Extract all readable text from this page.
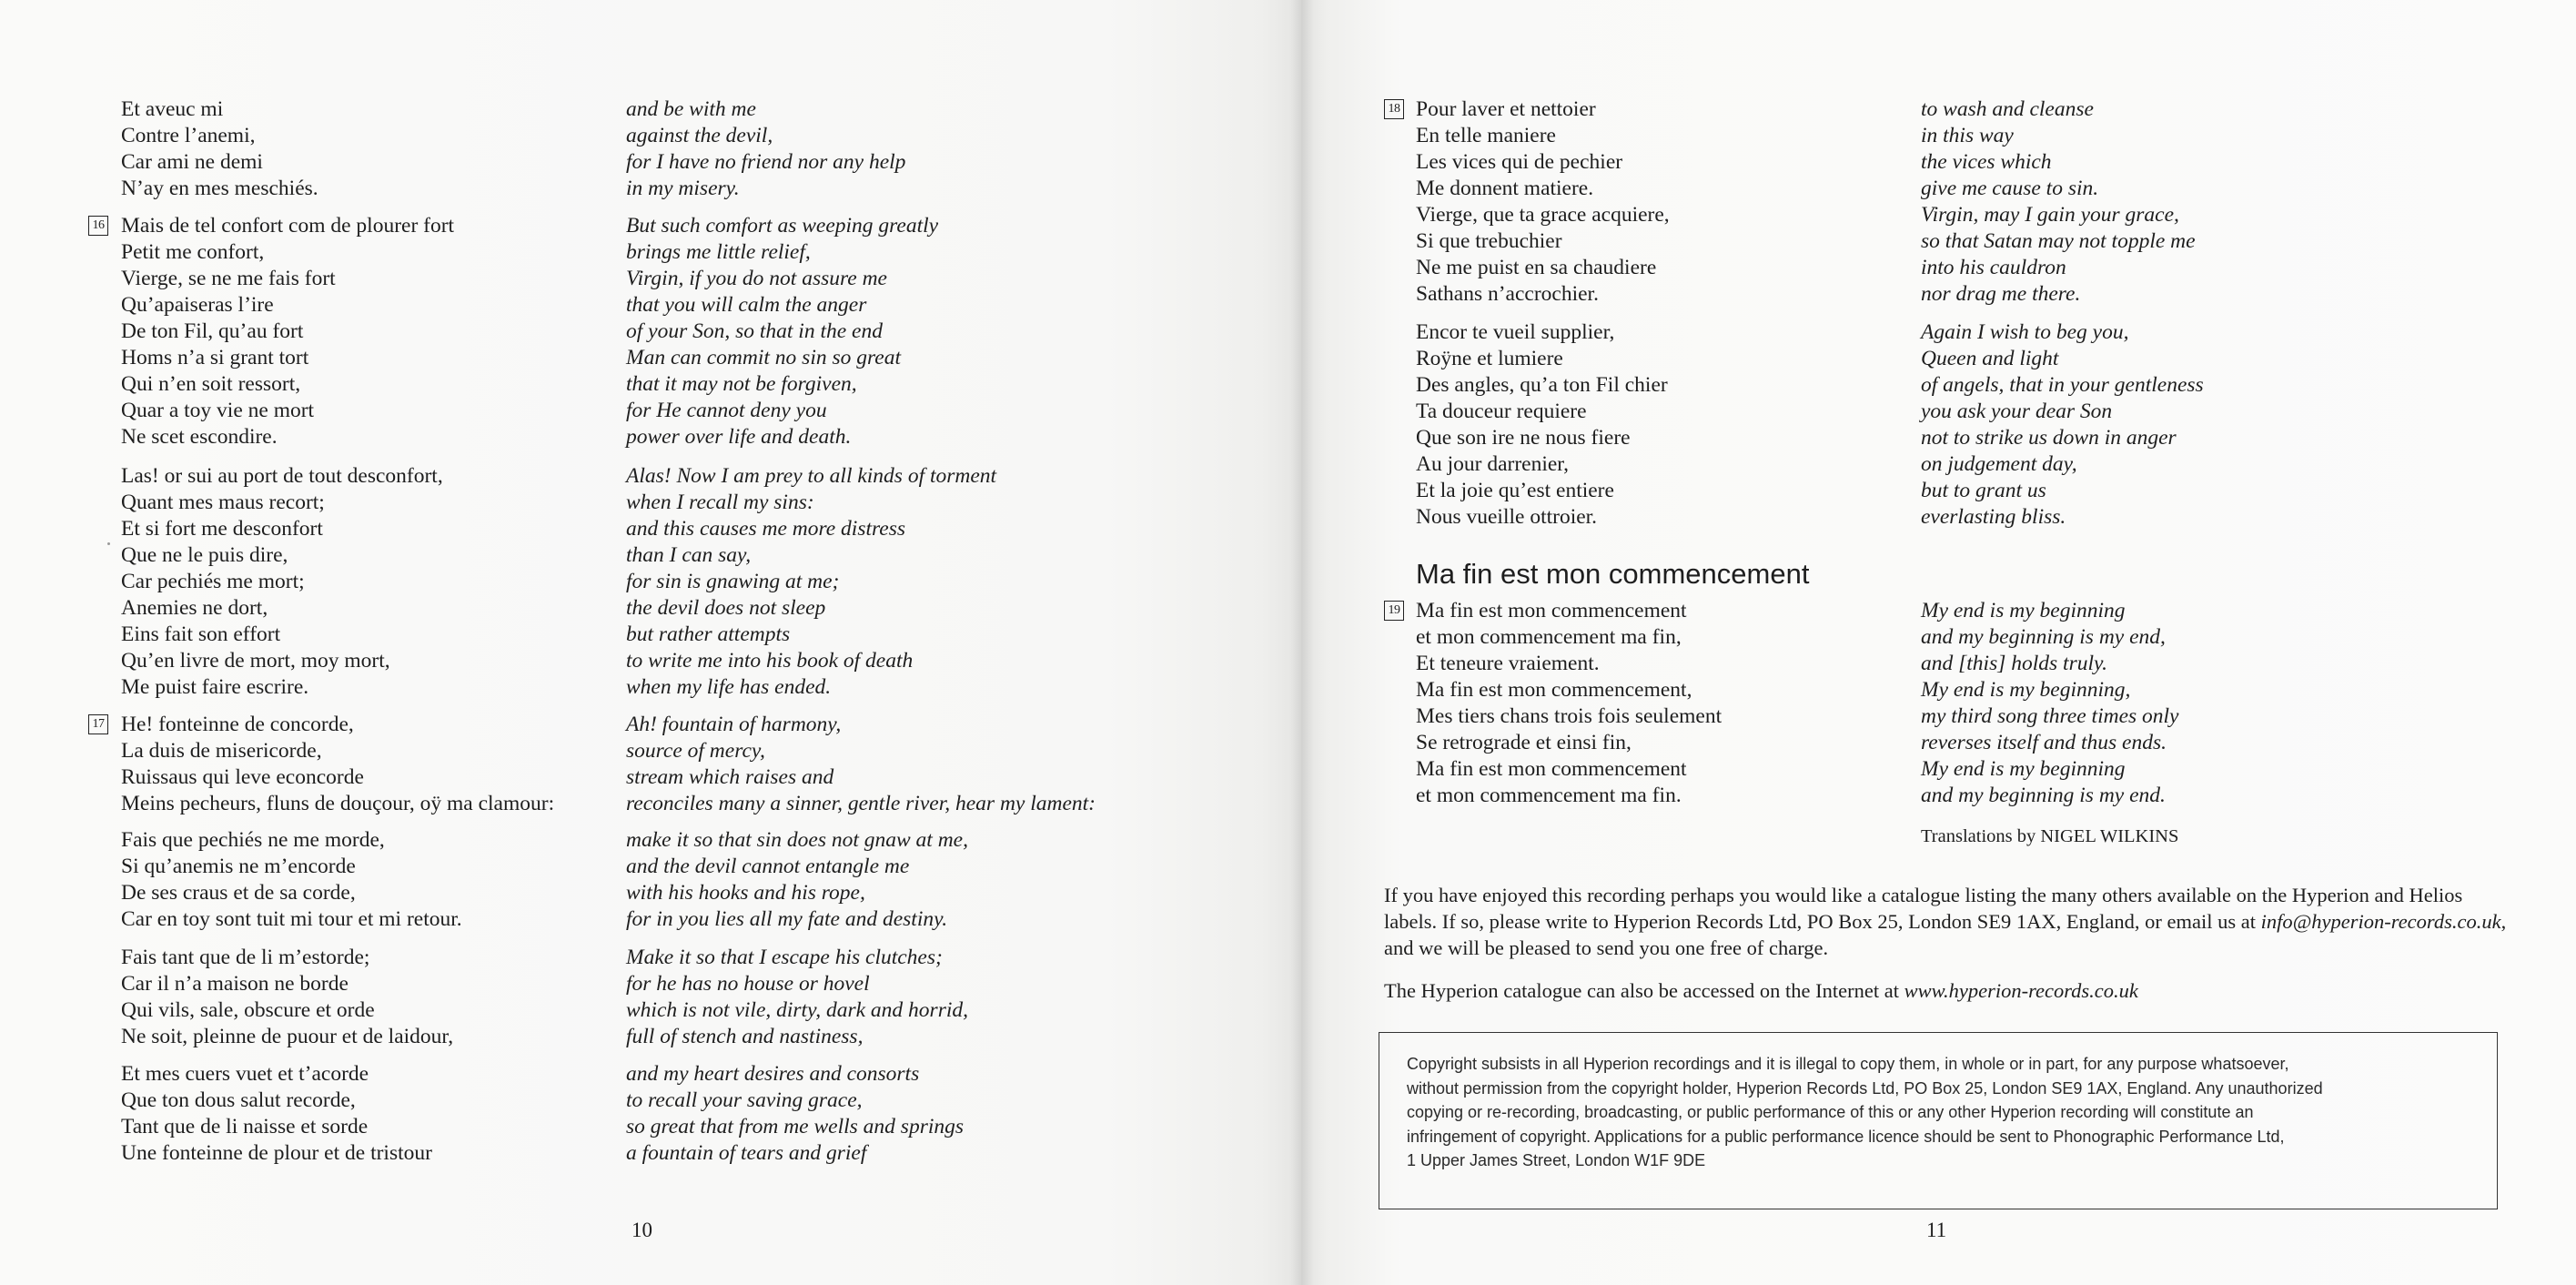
Et aveuc mi
Contre l’anemi,
Car ami ne demi
N’ay en mes meschiés.
and be with me
against the devil,
for I have no friend nor any help
in my misery.
16 Mais de tel confort com de plourer fort
Petit me confort,
Vierge, se ne me fais fort
Qu’apaiseras l’ire
De ton Fil, qu’au fort
Homs n’a si grant tort
Qui n’en soit ressort,
Quar a toy vie ne mort
Ne scet escondire.
But such comfort as weeping greatly
brings me little relief,
Virgin, if you do not assure me
that you will calm the anger
of your Son, so that in the end
Man can commit no sin so great
that it may not be forgiven,
for He cannot deny you
power over life and death.
Las! or sui au port de tout desconfort,
Quant mes maus recort;
Et si fort me desconfort
Que ne le puis dire,
Car pechiés me mort;
Anemies ne dort,
Eins fait son effort
Qu’en livre de mort, moy mort,
Me puist faire escrire.
Alas! Now I am prey to all kinds of torment
when I recall my sins:
and this causes me more distress
than I can say,
for sin is gnawing at me;
the devil does not sleep
but rather attempts
to write me into his book of death
when my life has ended.
17 He! fonteinne de concorde,
La duis de misericorde,
Ruissaus qui leve econcorde
Meins pecheurs, fluns de douçour, oÿ ma clamour:
Ah! fountain of harmony,
source of mercy,
stream which raises and
reconciles many a sinner, gentle river, hear my lament:
Fais que pechiés ne me morde,
Si qu’anemis ne m’encorde
De ses craus et de sa corde,
Car en toy sont tuit mi tour et mi retour.
make it so that sin does not gnaw at me,
and the devil cannot entangle me
with his hooks and his rope,
for in you lies all my fate and destiny.
Fais tant que de li m’estorde;
Car il n’a maison ne borde
Qui vils, sale, obscure et orde
Ne soit, pleinne de puour et de laidour,
Make it so that I escape his clutches;
for he has no house or hovel
which is not vile, dirty, dark and horrid,
full of stench and nastiness,
Et mes cuers vuet et t’acorde
Que ton dous salut recorde,
Tant que de li naisse et sorde
Une fonteinne de plour et de tristour
and my heart desires and consorts
to recall your saving grace,
so great that from me wells and springs
a fountain of tears and grief
10
18 Pour laver et nettoier
En telle maniere
Les vices qui de pechier
Me donnent matiere.
Vierge, que ta grace acquiere,
Si que trebuchier
Ne me puist en sa chaudiere
Sathans n’accrochier.
to wash and cleanse
in this way
the vices which
give me cause to sin.
Virgin, may I gain your grace,
so that Satan may not topple me
into his cauldron
nor drag me there.
Encor te vueil supplier,
Roÿne et lumiere
Des angles, qu’a ton Fil chier
Ta douceur requiere
Que son ire ne nous fiere
Au jour darrenier,
Et la joie qu’est entiere
Nous vueille ottroier.
Again I wish to beg you,
Queen and light
of angels, that in your gentleness
you ask your dear Son
not to strike us down in anger
on judgement day,
but to grant us
everlasting bliss.
Ma fin est mon commencement
19 Ma fin est mon commencement
et mon commencement ma fin,
Et teneure vraiement.
Ma fin est mon commencement,
Mes tiers chans trois fois seulement
Se retrograde et einsi fin,
Ma fin est mon commencement
et mon commencement ma fin.
My end is my beginning
and my beginning is my end,
and [this] holds truly.
My end is my beginning,
my third song three times only
reverses itself and thus ends.
My end is my beginning
and my beginning is my end.
Translations by NIGEL WILKINS
If you have enjoyed this recording perhaps you would like a catalogue listing the many others available on the Hyperion and Helios labels. If so, please write to Hyperion Records Ltd, PO Box 25, London SE9 1AX, England, or email us at info@hyperion-records.co.uk, and we will be pleased to send you one free of charge.
The Hyperion catalogue can also be accessed on the Internet at www.hyperion-records.co.uk
Copyright subsists in all Hyperion recordings and it is illegal to copy them, in whole or in part, for any purpose whatsoever,
without permission from the copyright holder, Hyperion Records Ltd, PO Box 25, London SE9 1AX, England. Any unauthorized
copying or re-recording, broadcasting, or public performance of this or any other Hyperion recording will constitute an
infringement of copyright. Applications for a public performance licence should be sent to Phonographic Performance Ltd,
1 Upper James Street, London W1F 9DE
11
